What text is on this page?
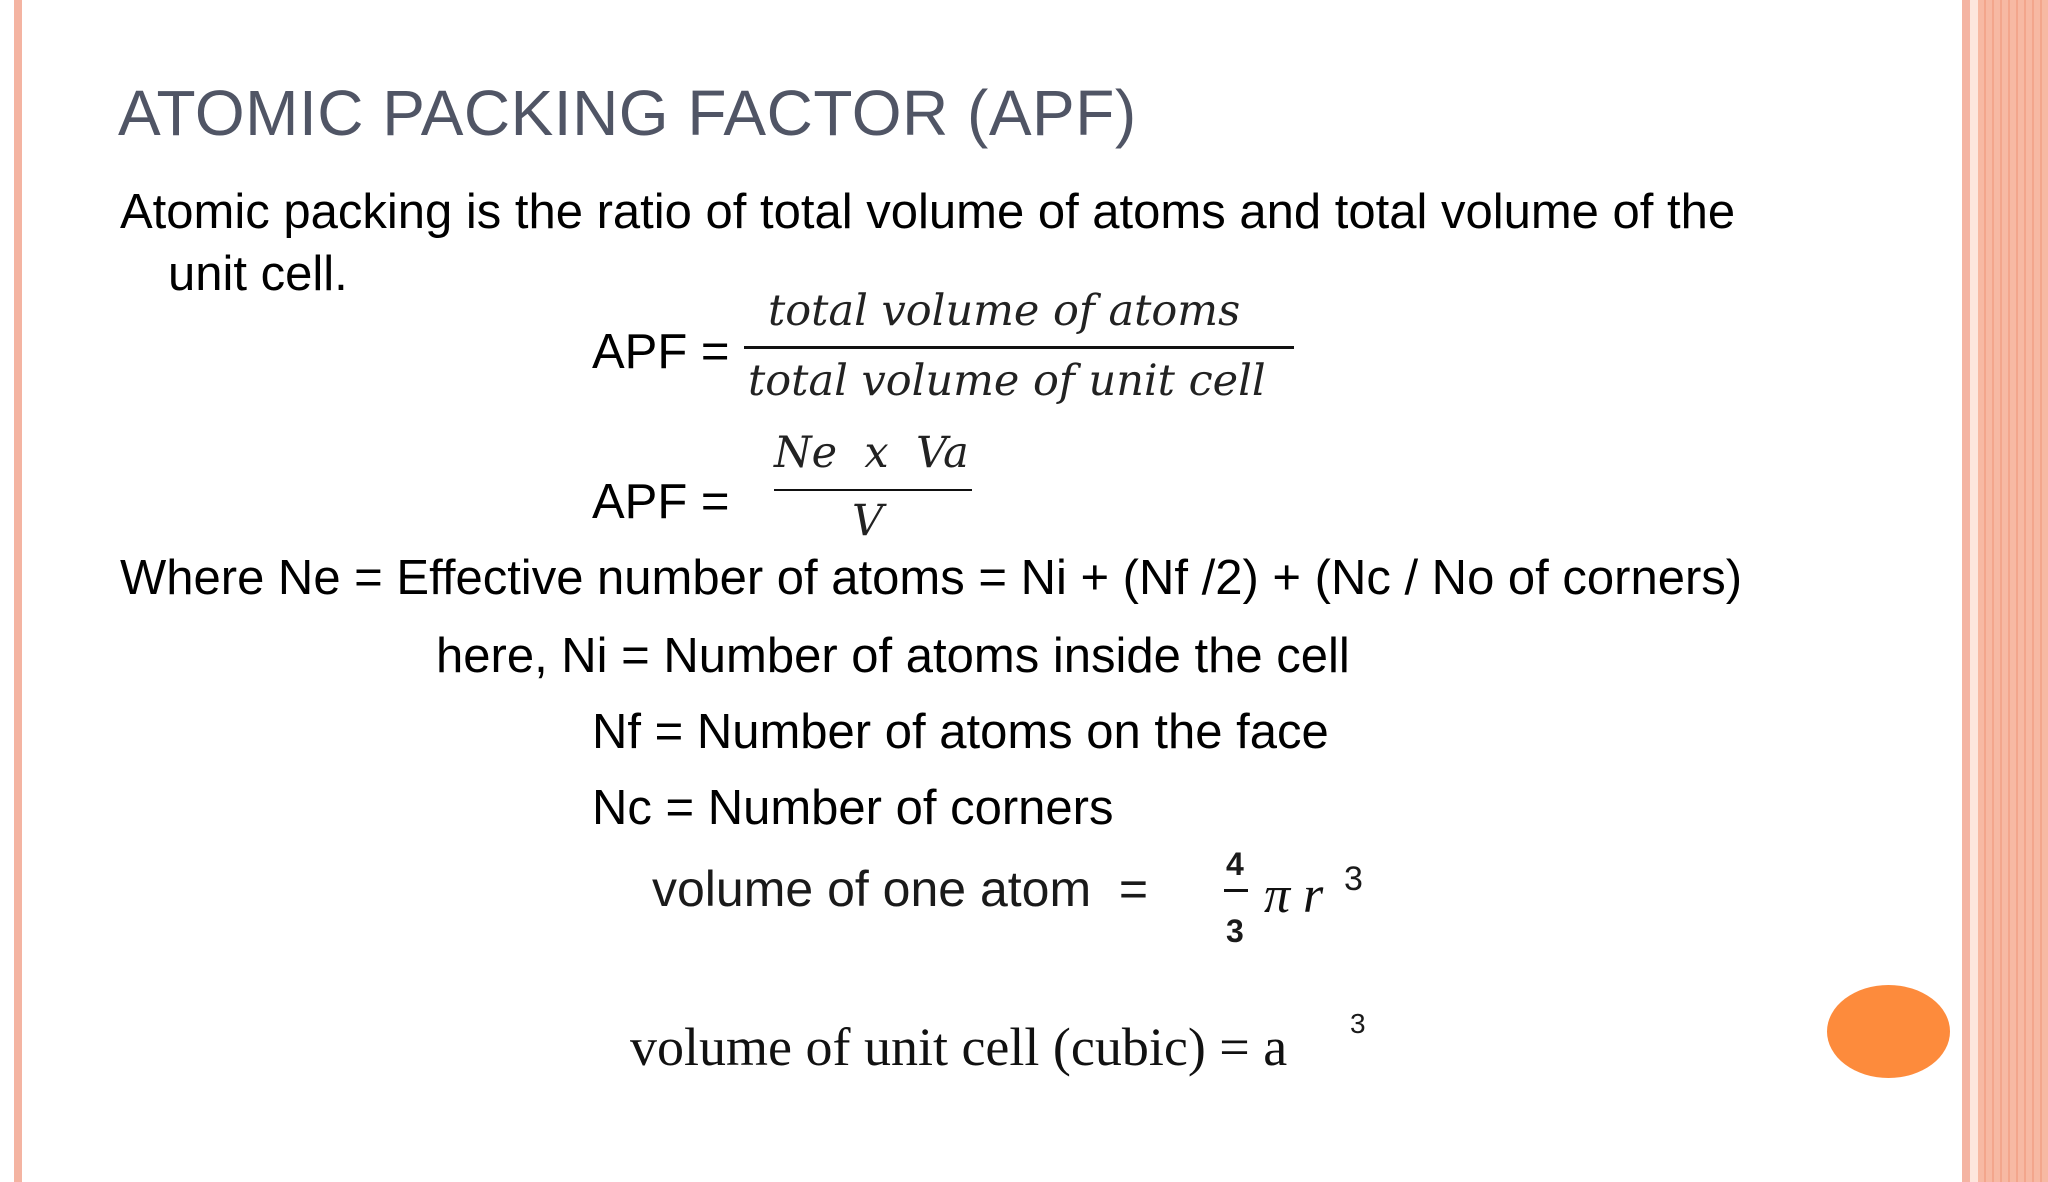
ATOMIC PACKING FACTOR (APF)
Atomic packing is the ratio of total volume of atoms and total volume of the
unit cell.
APF =
total volume of atoms
total volume of unit cell
APF =
Ne  x  Va
V
Where Ne = Effective number of atoms = Ni + (Nf /2) + (Nc / No of corners)
here, Ni = Number of atoms inside the cell
Nf = Number of atoms on the face
Nc = Number of corners
volume of one atom  = 4
3
π r 3
volume of unit cell (cubic) = a 3
